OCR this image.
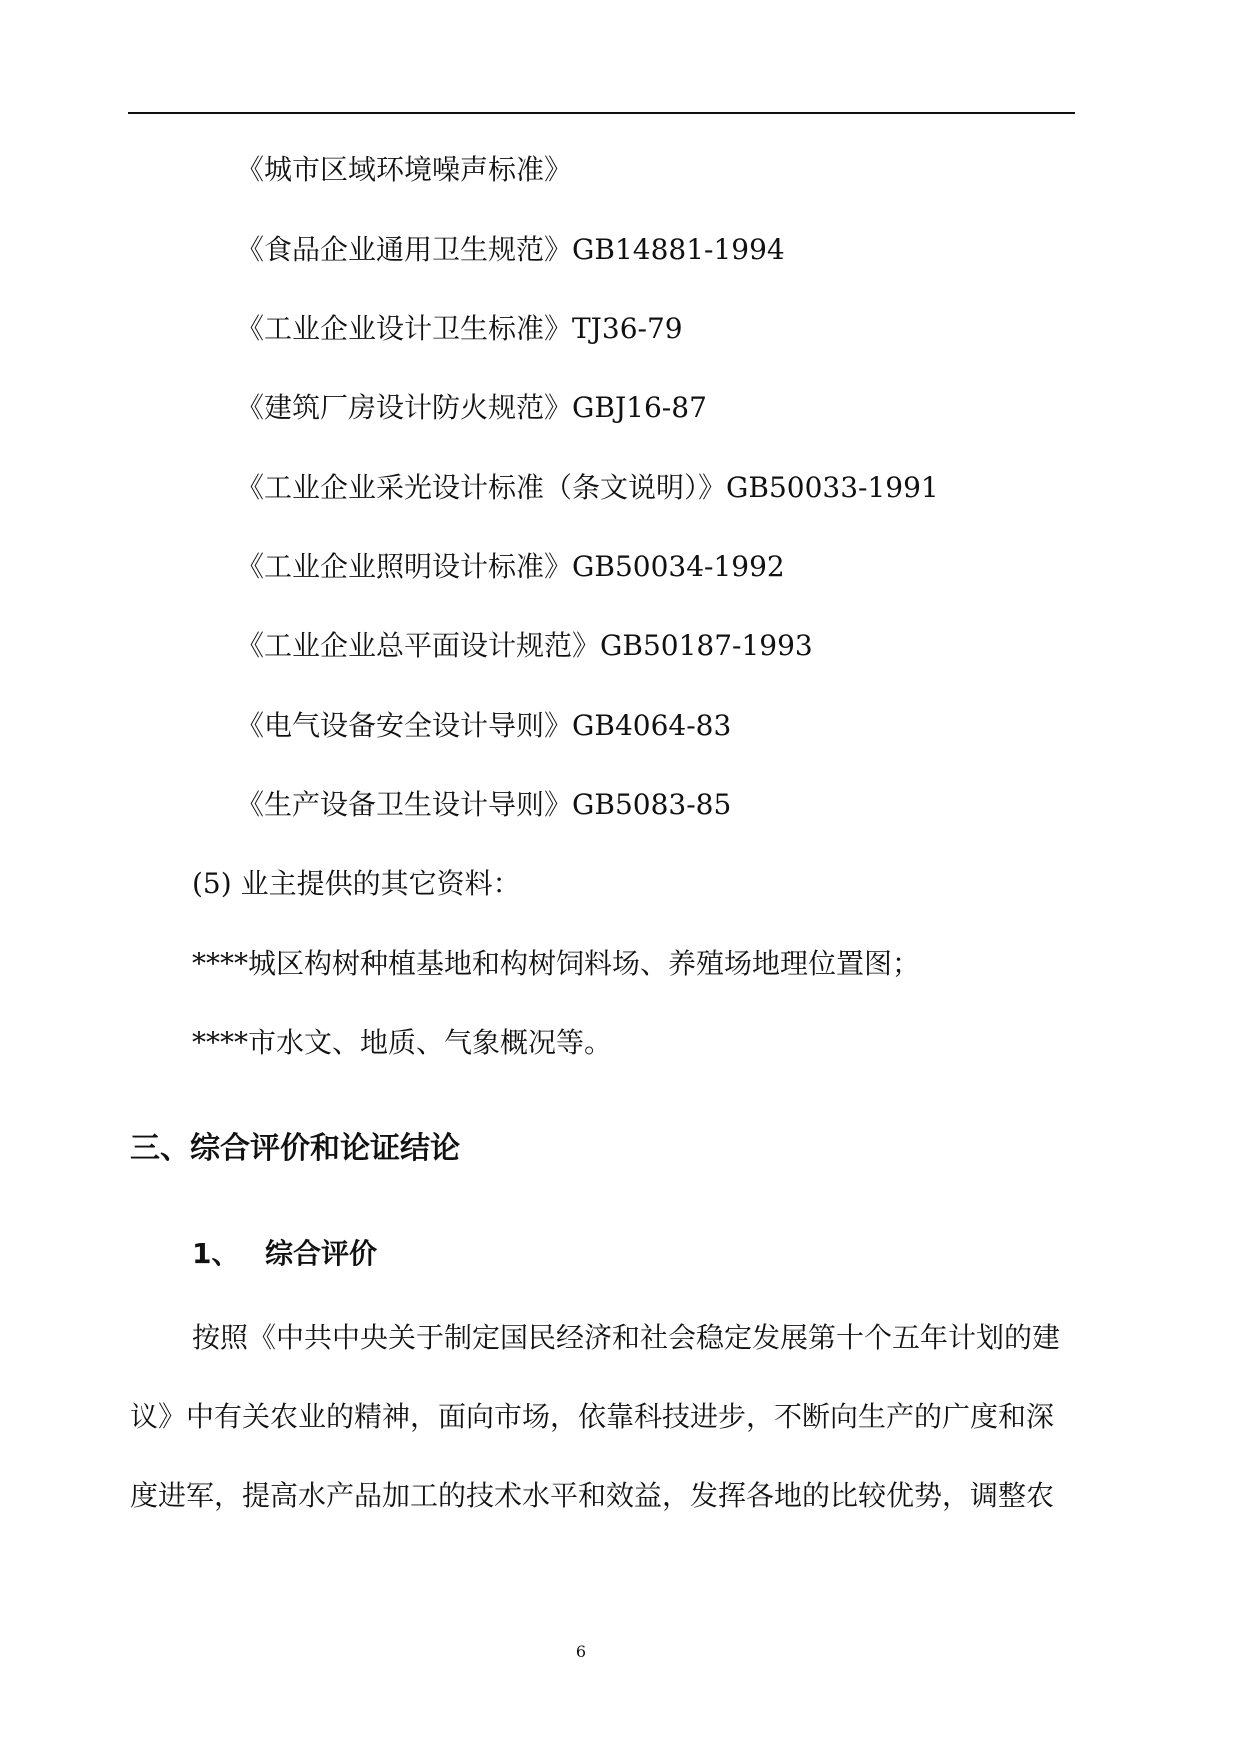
《城市区域环境噪声标准》
《食品企业通用卫生规范》GB14881-1994
《工业企业设计卫生标准》TJ36-79
《建筑厂房设计防火规范》GBJ16-87
《工业企业采光设计标准（条文说明）》GB50033-1991
《工业企业照明设计标准》GB50034-1992
《工业企业总平面设计规范》GB50187-1993
《电气设备安全设计导则》GB4064-83
《生产设备卫生设计导则》GB5083-85
(5) 业主提供的其它资料：
****城区构树种植基地和构树饲料场、养殖场地理位置图；
****市水文、地质、气象概况等。
三、综合评价和论证结论
1、 综合评价
按照《中共中央关于制定国民经济和社会稳定发展第十个五年计划的建
议》中有关农业的精神，面向市场，依靠科技进步，不断向生产的广度和深
度进军，提高水产品加工的技术水平和效益，发挥各地的比较优势，调整农
6
